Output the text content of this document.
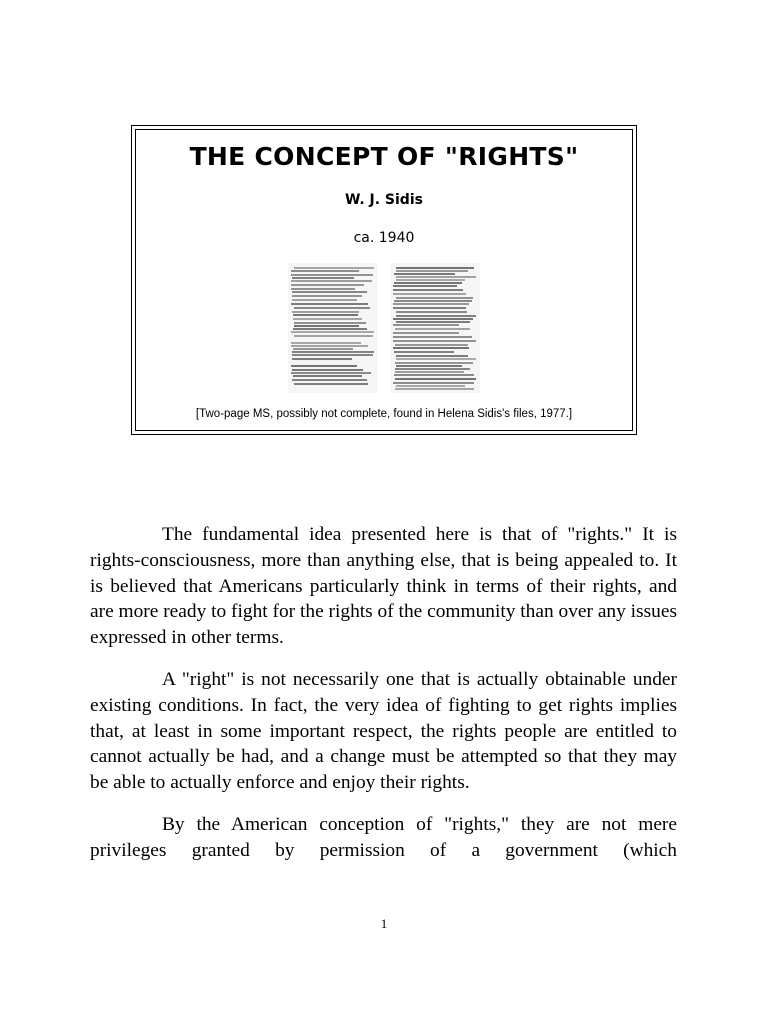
THE CONCEPT OF "RIGHTS"
W. J. Sidis
ca. 1940
[Two-page MS, possibly not complete, found in Helena Sidis's files, 1977.]

The fundamental idea presented here is that of "rights." It is rights-consciousness, more than anything else, that is being appealed to. It is believed that Americans particularly think in terms of their rights, and are more ready to fight for the rights of the community than over any issues expressed in other terms.

A "right" is not necessarily one that is actually obtainable under existing conditions. In fact, the very idea of fighting to get rights implies that, at least in some important respect, the rights people are entitled to cannot actually be had, and a change must be attempted so that they may be able to actually enforce and enjoy their rights.

By the American conception of "rights," they are not mere privileges granted by permission of a government (which

1
